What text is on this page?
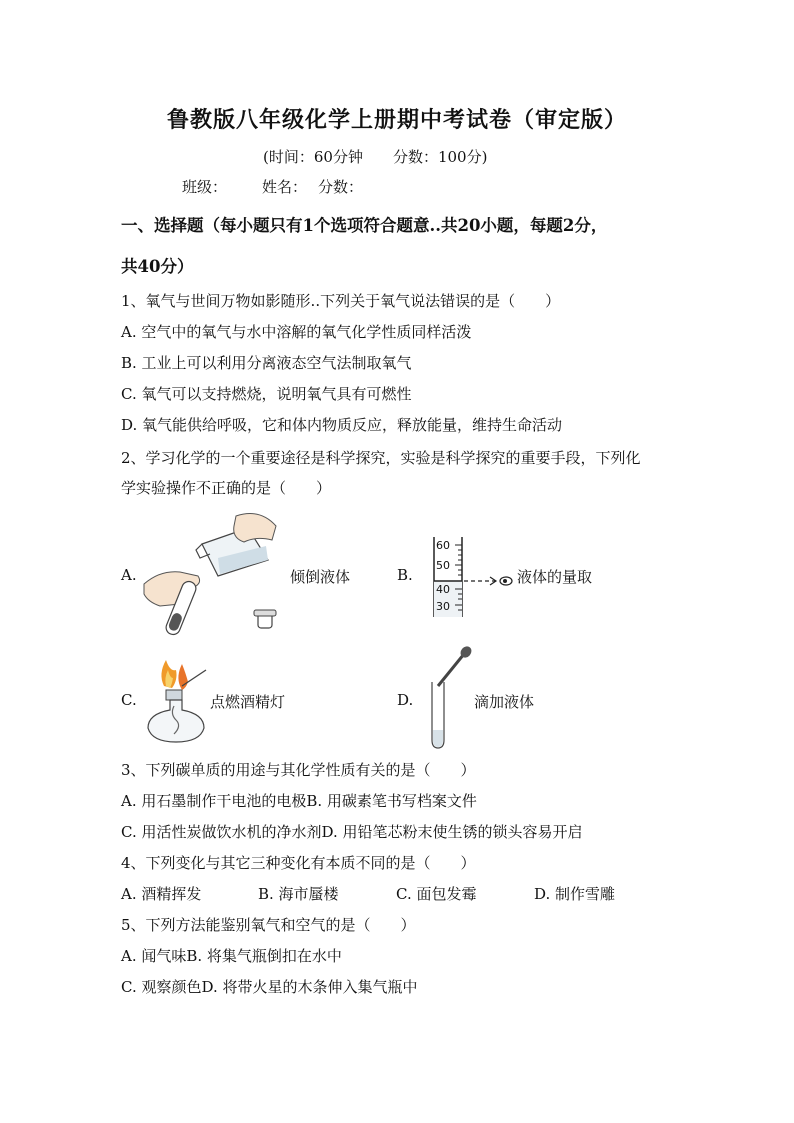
鲁教版八年级化学上册期中考试卷（审定版）
(时间：60分钟　　分数：100分)
班级： 姓名： 分数：
一、选择题（每小题只有1个选项符合题意..共20小题，每题2分，
共40分）
1、氧气与世间万物如影随形..下列关于氧气说法错误的是（　　）
A. 空气中的氧气与水中溶解的氧气化学性质同样活泼
B. 工业上可以利用分离液态空气法制取氧气
C. 氧气可以支持燃烧，说明氧气具有可燃性
D. 氧气能供给呼吸，它和体内物质反应，释放能量，维持生命活动
2、学习化学的一个重要途径是科学探究，实验是科学探究的重要手段，下列化
学实验操作不正确的是（　　）
A.	倾倒液体	B.
60
50
40
30
液体的量取
C.	点燃酒精灯	D.	滴加液体
3、下列碳单质的用途与其化学性质有关的是（　　）
A. 用石墨制作干电池的电极B. 用碳素笔书写档案文件
C. 用活性炭做饮水机的净水剂D. 用铅笔芯粉末使生锈的锁头容易开启
4、下列变化与其它三种变化有本质不同的是（　　）
A. 酒精挥发	B. 海市蜃楼	C. 面包发霉	D. 制作雪雕
5、下列方法能鉴别氧气和空气的是（　　）
A. 闻气味B. 将集气瓶倒扣在水中
C. 观察颜色D. 将带火星的木条伸入集气瓶中
